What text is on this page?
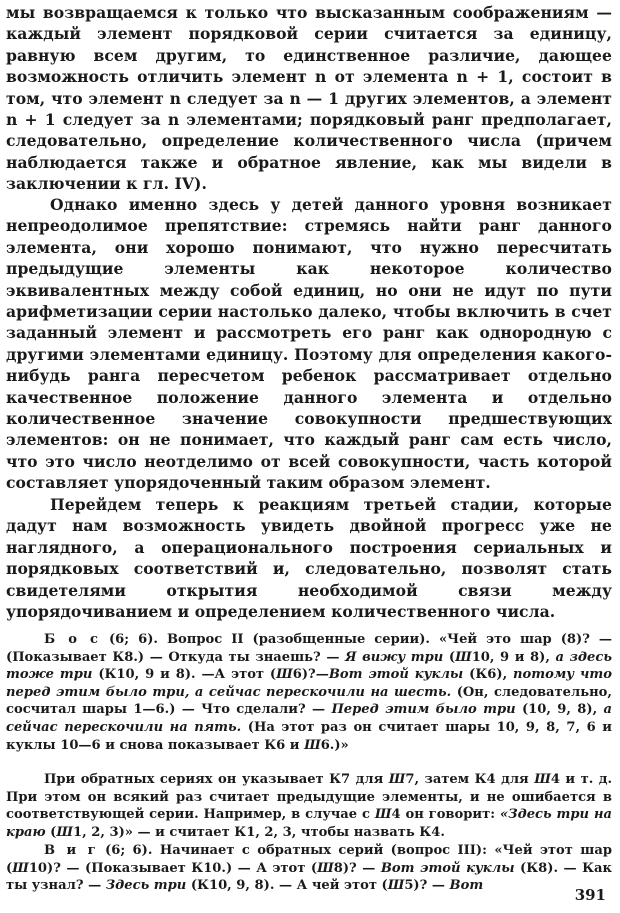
мы возвращаемся к только что высказанным соображениям — каждый элемент порядковой серии считается за единицу, равную всем другим, то единственное различие, дающее возможность отличить элемент n от элемента n + 1, состоит в том, что элемент n следует за n — 1 других элементов, а элемент n + 1 следует за n элементами; порядковый ранг предполагает, следовательно, определение количественного числа (причем наблюдается также и обратное явление, как мы видели в заключении к гл. IV).

Однако именно здесь у детей данного уровня возникает непреодолимое препятствие: стремясь найти ранг данного элемента, они хорошо понимают, что нужно пересчитать предыдущие элементы как некоторое количество эквивалентных между собой единиц, но они не идут по пути арифметизации серии настолько далеко, чтобы включить в счет заданный элемент и рассмотреть его ранг как однородную с другими элементами единицу. Поэтому для определения какого-нибудь ранга пересчетом ребенок рассматривает отдельно качественное положение данного элемента и отдельно количественное значение совокупности предшествующих элементов: он не понимает, что каждый ранг сам есть число, что это число неотделимо от всей совокупности, часть которой составляет упорядоченный таким образом элемент.

Перейдем теперь к реакциям третьей стадии, которые дадут нам возможность увидеть двойной прогресс уже не наглядного, а операционального построения сериальных и порядковых соответствий и, следовательно, позволят стать свидетелями открытия необходимой связи между упорядочиванием и определением количественного числа.

Б о с (6; 6). Вопрос II (разобщенные серии). «Чей это шар (8)? — (Показывает К8.) — Откуда ты знаешь? — Я вижу три (Ш10, 9 и 8), а здесь тоже три (К10, 9 и 8). —А этот (Ш6)?—Вот этой куклы (К6), потому что перед этим было три, а сейчас перескочили на шесть. (Он, следовательно, сосчитал шары 1—6.) — Что сделали? — Перед этим было три (10, 9, 8), а сейчас перескочили на пять. (На этот раз он считает шары 10, 9, 8, 7, 6 и куклы 10—6 и снова показывает К6 и Ш6.)»

При обратных сериях он указывает К7 для Ш7, затем К4 для Ш4 и т. д. При этом он всякий раз считает предыдущие элементы, и не ошибается в соответствующей серии. Например, в случае с Ш4 он говорит: «Здесь три на краю (Ш1, 2, 3)» — и считает К1, 2, 3, чтобы назвать К4.

В и г (6; 6). Начинает с обратных серий (вопрос III): «Чей этот шар (Ш10)? — (Показывает К10.) — А этот (Ш8)? — Вот этой куклы (К8). — Как ты узнал? — Здесь три (К10, 9, 8). — А чей этот (Ш5)? — Вот

391
